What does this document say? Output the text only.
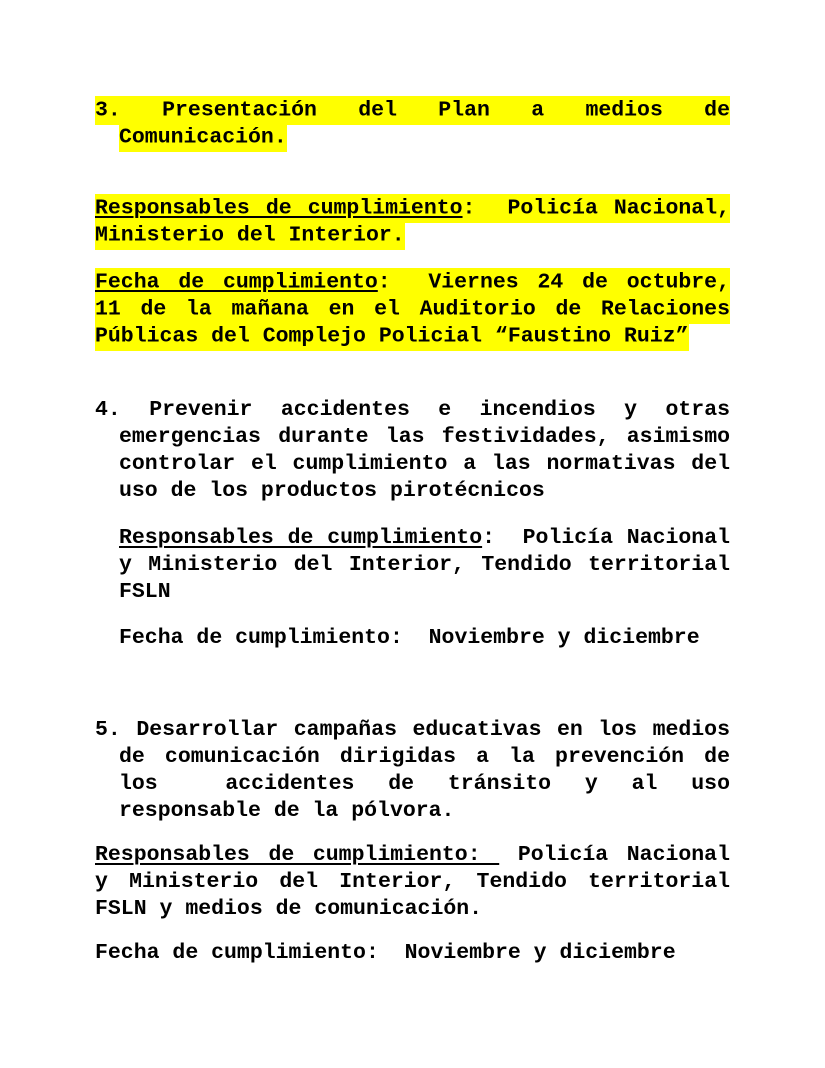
3. Presentación del Plan a medios de
Comunicación.
Responsables de cumplimiento:  Policía Nacional,
Ministerio del Interior.
Fecha de cumplimiento:  Viernes 24 de octubre,
11 de la mañana en el Auditorio de Relaciones
Públicas del Complejo Policial “Faustino Ruiz”
4. Prevenir accidentes e incendios y otras
emergencias durante las festividades, asimismo
controlar el cumplimiento a las normativas del
uso de los productos pirotécnicos
Responsables de cumplimiento:  Policía Nacional
y Ministerio del Interior, Tendido territorial
FSLN
Fecha de cumplimiento:  Noviembre y diciembre
5. Desarrollar campañas educativas en los medios
de comunicación dirigidas a la prevención de
los  accidentes de tránsito y al uso
responsable de la pólvora.
Responsables de cumplimiento:  Policía Nacional
y Ministerio del Interior, Tendido territorial
FSLN y medios de comunicación.
Fecha de cumplimiento:  Noviembre y diciembre
